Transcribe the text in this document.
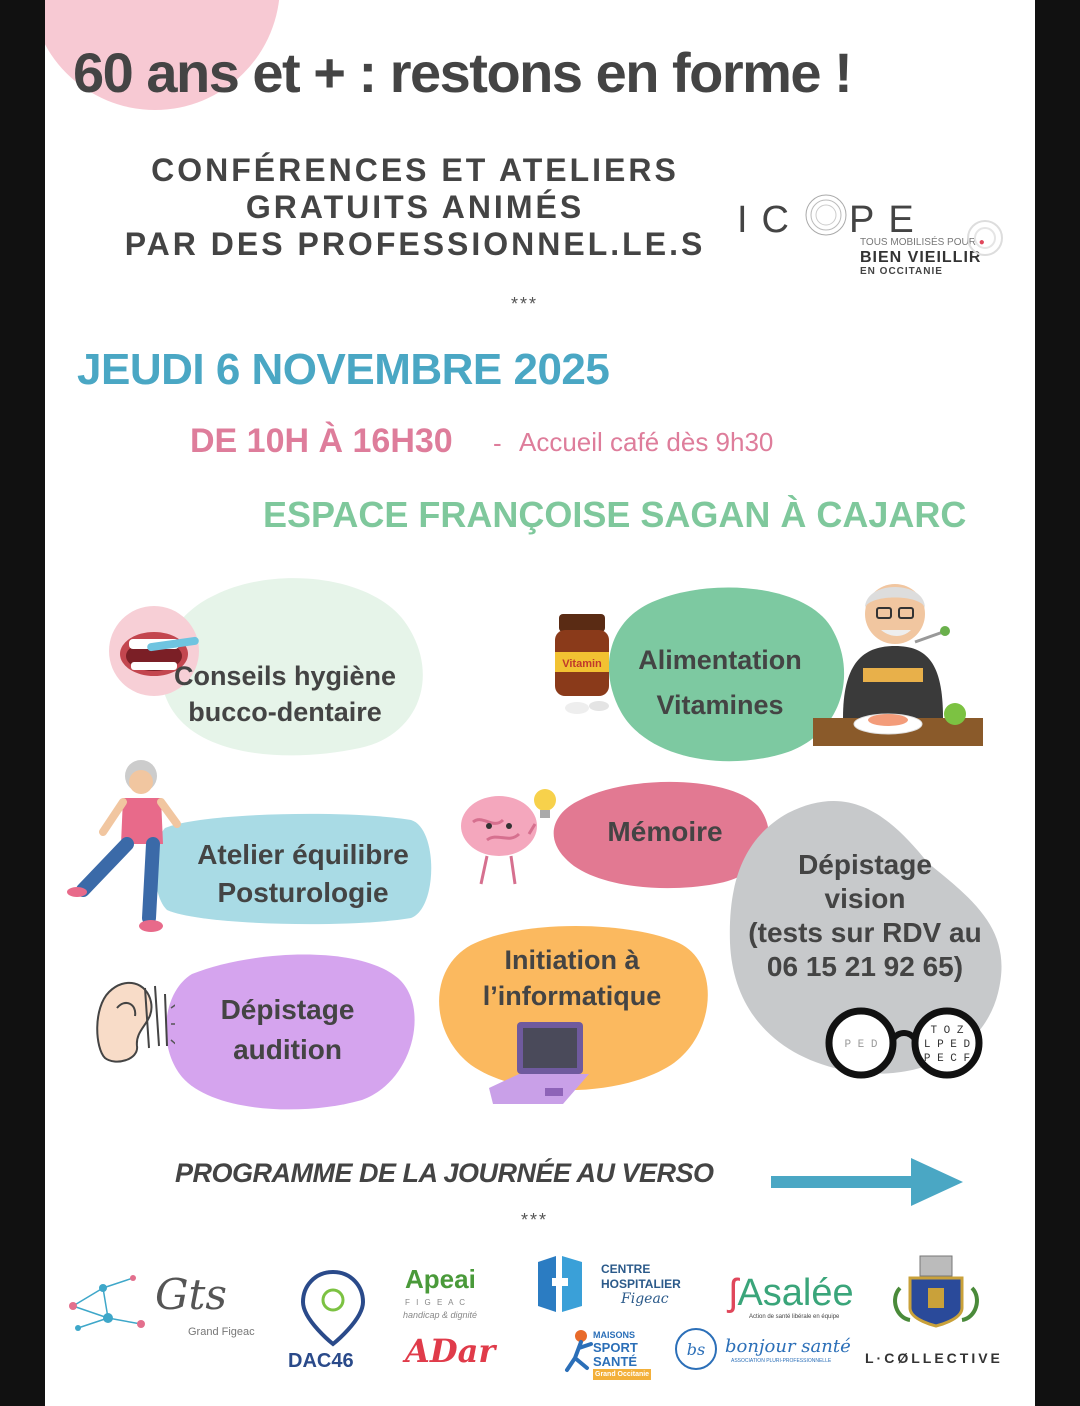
60 ans et + : restons en forme !
CONFÉRENCES ET ATELIERS
GRATUITS ANIMÉS
PAR DES PROFESSIONNEL.LE.S
IC PE
TOUS MOBILISÉS POUR ●
BIEN VIEILLIR
EN OCCITANIE
***
JEUDI 6 NOVEMBRE 2025
DE 10H À 16H30 - Accueil café dès 9h30
ESPACE FRANÇOISE SAGAN À CAJARC
Conseils hygiène
bucco-dentaire
Vitamin	Alimentation
Vitamines
Atelier équilibre
Posturologie
Mémoire
Dépistage
vision
(tests sur RDV au
06 15 21 92 65)
T O Z
L P E D
P E C F
P E D
Initiation à
l’informatique
Dépistage
audition
PROGRAMME DE LA JOURNÉE AU VERSO
***
Gts
Grand Figeac
DAC46
Apeai
F I G E A C
handicap & dignité
ADar
CENTRE
HOSPITALIER
Figeac
MAISONS
SPORT
SANTÉ
Grand Occitanie
ʃAsalée
Action de santé libérale en équipe
bs bonjour santé
ASSOCIATION PLURI-PROFESSIONNELLE L·CØLLECTIVE
